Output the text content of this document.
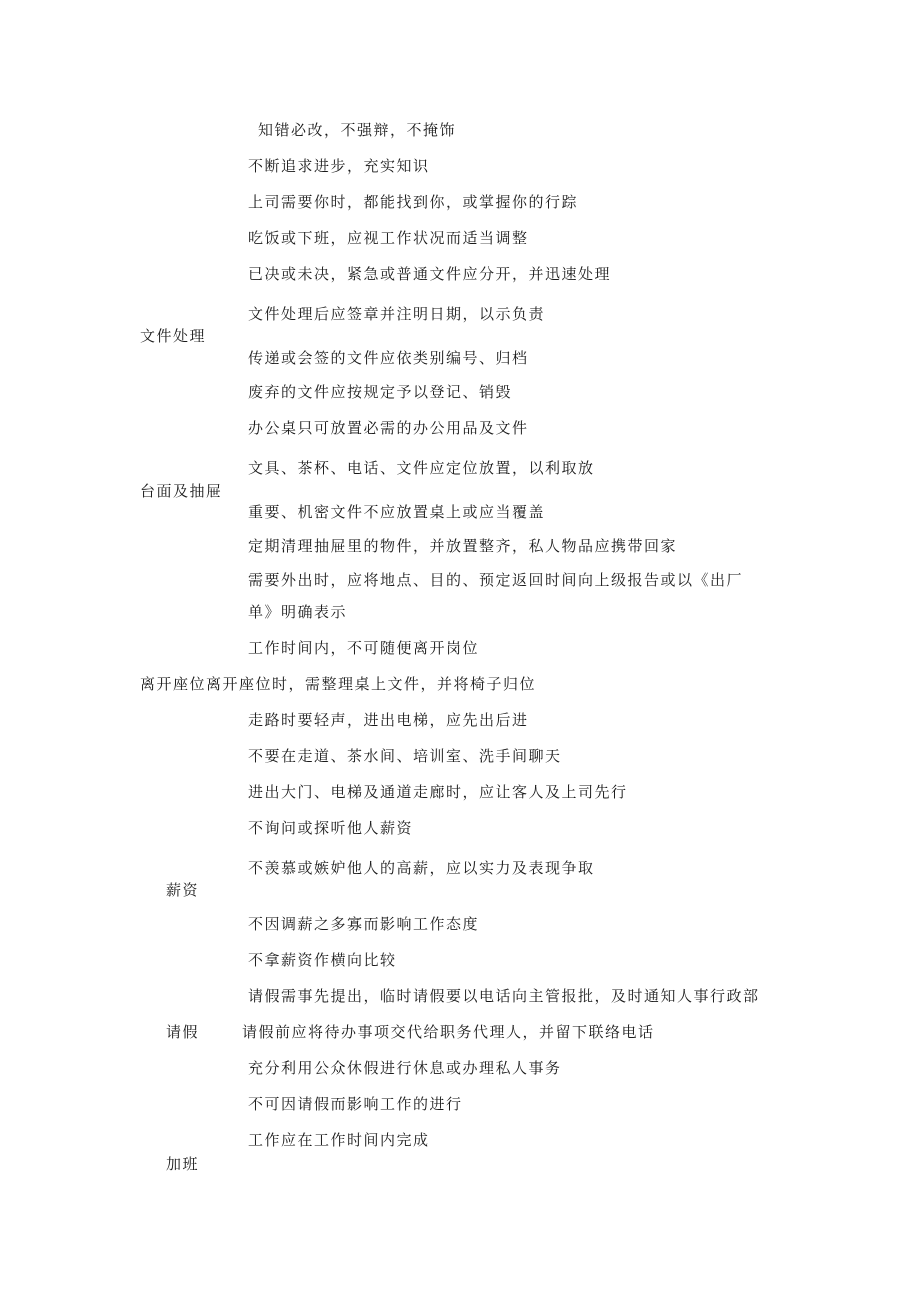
知错必改，不强辩，不掩饰
不断追求进步，充实知识
上司需要你时，都能找到你，或掌握你的行踪
吃饭或下班，应视工作状况而适当调整
已决或未决，紧急或普通文件应分开，并迅速处理
文件处理后应签章并注明日期，以示负责
文件处理
传递或会签的文件应依类别编号、归档
废弃的文件应按规定予以登记、销毁
办公桌只可放置必需的办公用品及文件
文具、茶杯、电话、文件应定位放置，以利取放
台面及抽屉
重要、机密文件不应放置桌上或应当覆盖
定期清理抽屉里的物件，并放置整齐，私人物品应携带回家
需要外出时，应将地点、目的、预定返回时间向上级报告或以《出厂
单》明确表示
工作时间内，不可随便离开岗位
离开座位离开座位时，需整理桌上文件，并将椅子归位
走路时要轻声，进出电梯，应先出后进
不要在走道、茶水间、培训室、洗手间聊天
进出大门、电梯及通道走廊时，应让客人及上司先行
不询问或探听他人薪资
不羡慕或嫉妒他人的高薪，应以实力及表现争取
薪资
不因调薪之多寡而影响工作态度
不拿薪资作横向比较
请假需事先提出，临时请假要以电话向主管报批，及时通知人事行政部
请假	请假前应将待办事项交代给职务代理人，并留下联络电话
充分利用公众休假进行休息或办理私人事务
不可因请假而影响工作的进行
工作应在工作时间内完成
加班
